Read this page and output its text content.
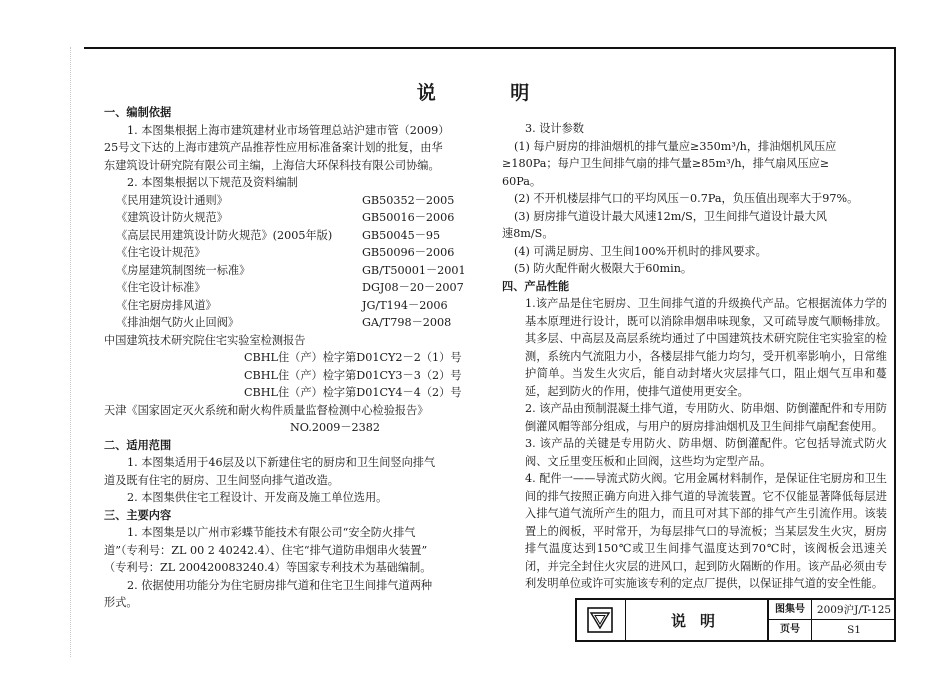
说 明
一、编制依据
1. 本图集根据上海市建筑建材业市场管理总站沪建市管（2009）
25号文下达的上海市建筑产品推荐性应用标准备案计划的批复，由华
东建筑设计研究院有限公司主编，上海信大环保科技有限公司协编。
2. 本图集根据以下规范及资料编制
《民用建筑设计通则》	GB50352－2005
《建筑设计防火规范》	GB50016－2006
《高层民用建筑设计防火规范》(2005年版)	GB50045－95
《住宅设计规范》	GB50096－2006
《房屋建筑制图统一标准》	GB/T50001－2001
《住宅设计标准》	DGJ08－20－2007
《住宅厨房排风道》	JG/T194－2006
《排油烟气防火止回阀》	GA/T798－2008
中国建筑技术研究院住宅实验室检测报告
CBHL住（产）检字第D01CY2－2（1）号
CBHL住（产）检字第D01CY3－3（2）号
CBHL住（产）检字第D01CY4－4（2）号
天津《国家固定灭火系统和耐火构件质量监督检测中心检验报告》
NO.2009－2382
二、适用范围
1. 本图集适用于46层及以下新建住宅的厨房和卫生间竖向排气
道及既有住宅的厨房、卫生间竖向排气道改造。
2. 本图集供住宅工程设计、开发商及施工单位选用。
三、主要内容
1. 本图集是以广州市彩蝶节能技术有限公司“安全防火排气
道”（专利号：ZL 00 2 40242.4）、住宅“排气道防串烟串火装置”
（专利号：ZL 200420083240.4）等国家专利技术为基础编制。
2. 依据使用功能分为住宅厨房排气道和住宅卫生间排气道两种
形式。
3. 设计参数
(1) 每户厨房的排油烟机的排气量应≥350m³/h，排油烟机风压应
≥180Pa；每户卫生间排气扇的排气量≥85m³/h，排气扇风压应≥
60Pa。
(2) 不开机楼层排气口的平均风压－0.7Pa，负压值出现率大于97%。
(3) 厨房排气道设计最大风速12m/S，卫生间排气道设计最大风
速8m/S。
(4) 可满足厨房、卫生间100%开机时的排风要求。
(5) 防火配件耐火极限大于60min。
四、产品性能
1.该产品是住宅厨房、卫生间排气道的升级换代产品。它根据流体力学的基本原理进行设计，既可以消除串烟串味现象，又可疏导废气顺畅排放。其多层、中高层及高层系统均通过了中国建筑技术研究院住宅实验室的检测，系统内气流阻力小，各楼层排气能力均匀，受开机率影响小，日常维护简单。当发生火灾后，能自动封堵火灾层排气口，阻止烟气互串和蔓延，起到防火的作用，使排气道使用更安全。
2. 该产品由预制混凝土排气道，专用防火、防串烟、防倒灌配件和专用防倒灌风帽等部分组成，与用户的厨房排油烟机及卫生间排气扇配套使用。
3. 该产品的关键是专用防火、防串烟、防倒灌配件。它包括导流式防火阀、文丘里变压板和止回阀，这些均为定型产品。
4. 配件一——导流式防火阀。它用金属材料制作，是保证住宅厨房和卫生间的排气按照正确方向进入排气道的导流装置。它不仅能显著降低每层进入排气道气流所产生的阻力，而且可对其下部的排气产生引流作用。该装置上的阀板，平时常开，为每层排气口的导流板；当某层发生火灾，厨房排气温度达到150℃或卫生间排气温度达到70℃时，该阀板会迅速关闭，并完全封住火灾层的进风口，起到防火隔断的作用。该产品必须由专利发明单位或许可实施该专利的定点厂提供，以保证排气道的安全性能。
说明
图集号	2009沪J/T-125
页号	S1
